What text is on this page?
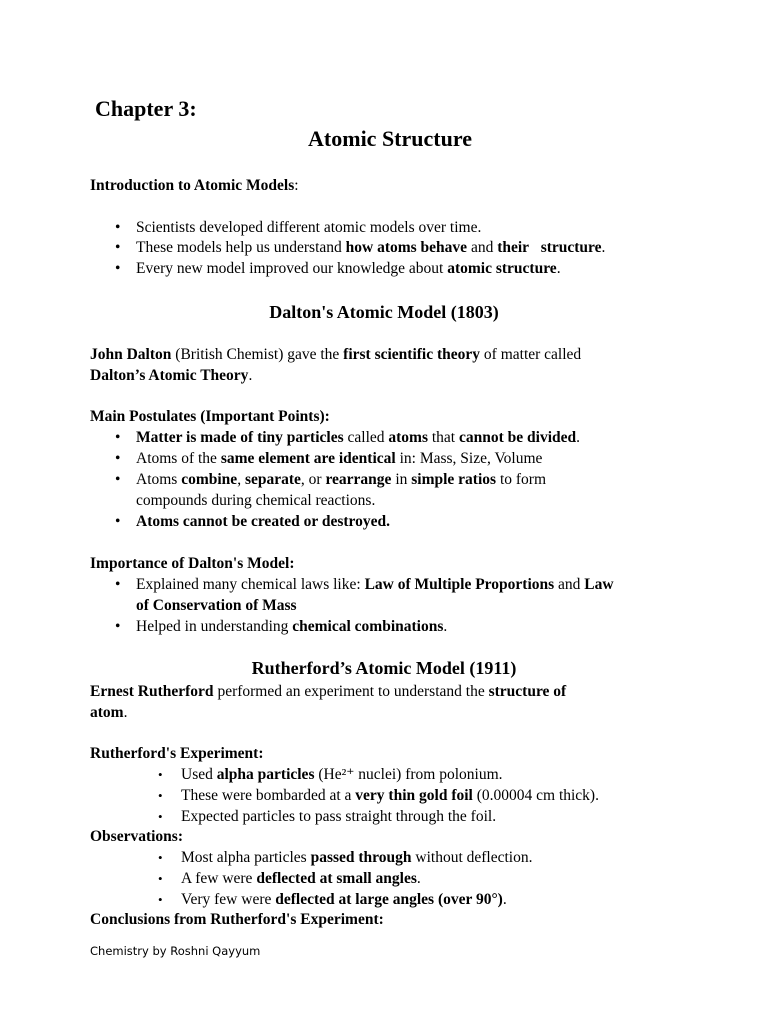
Chapter 3:
Atomic Structure
Introduction to Atomic Models:
• Scientists developed different atomic models over time.
• These models help us understand how atoms behave and their structure.
• Every new model improved our knowledge about atomic structure.
Dalton's Atomic Model (1803)
John Dalton (British Chemist) gave the first scientific theory of matter called
Dalton’s Atomic Theory.
Main Postulates (Important Points):
• Matter is made of tiny particles called atoms that cannot be divided.
• Atoms of the same element are identical in: Mass, Size, Volume
• Atoms combine, separate, or rearrange in simple ratios to form
compounds during chemical reactions.
• Atoms cannot be created or destroyed.
Importance of Dalton's Model:
• Explained many chemical laws like: Law of Multiple Proportions and Law
of Conservation of Mass
• Helped in understanding chemical combinations.
Rutherford’s Atomic Model (1911)
Ernest Rutherford performed an experiment to understand the structure of
atom.
Rutherford's Experiment:
•	Used alpha particles (He²⁺ nuclei) from polonium.
•	These were bombarded at a very thin gold foil (0.00004 cm thick).
•	Expected particles to pass straight through the foil.
Observations:
•	Most alpha particles passed through without deflection.
•	A few were deflected at small angles.
•	Very few were deflected at large angles (over 90°).
Conclusions from Rutherford's Experiment:
Chemistry by Roshni Qayyum
